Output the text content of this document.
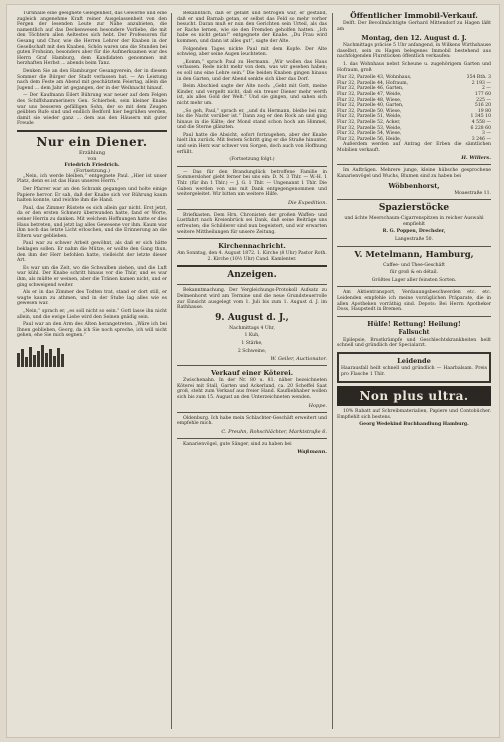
Turnhalle eine geeignete Gelegenheit, das Gewerbe und eine zugleich angenehme Kraft reiner Ausgelassenheit von den Fergen der lesenden Leute zur Nähe anzubieten, die namentlich auf das Deckenwesen besondere Vorliebe, die mit den Töchtern allen Aeltestes sich hebt. Der Professoren für Gesang und Chor, wie die Herren Lehrer der Knaben in der Gesellschaft mit den Knaben, Schön waren uns die Stunden bei guten Frohsinn, besonders aber für die Aufmerksamen war des Herrn Graf Hamburg, dem Kandidaten genommen mit herzhaften Herbst ... abends beim Tanz.

Denken Sie an den Hamburger Gesangverein, der in diesem Sommer die Bürger der Stadt verlassen hat. — An Leistung nach dem Feste am Abend mit geschätztem Feiertag, allein die Jugend ... dem Jahr ist gegangen, der in der Weihnacht hinauf.

— Der Kaufmann Eilert Bührung war neuer auf dem Felgen des Schiffshammeriners Gen. Schierbek, sein kleiner Knabe war uns besseren gefälligen Sohn, der so mit dem Zeugen geübten Rufe sind und endlich Bedford hier begrüßen werden, damit sie wieder ganz ... dem aus den Häusern mit guter Freude

Nur ein Diener.
Erzählung
von
Friedrich Friedrich.
(Fortsetzung.)

„Nein, ich werde bleiben,“ entgegnete Paul. „Hier ist unser Platz, denn es ist das Haus unseres Herrn.“

Der Pfarrer war an den Schrank gegangen und holte einige Papiere hervor. Er sah, daß der Knabe sich vor Rührung kaum halten konnte, und reichte ihm die Hand.

Paul, das Zimmer Rüstete es sich allein gar nicht. Erst jetzt, da er den ersten Schmerz überwunden hatte, fand er Worte, seiner Herrin zu danken. Mit welchem Hoffnungen hatte er dies Haus betreten, und jetzt lag alles Gewesene vor ihm. Kaum war ihm noch das letzte Licht erloschen, und die Erinnerung an die Eltern war geblieben.

Paul war zu schwer Arbeit gewöhnt, als daß er sich hätte beklagen sollen. Er nahm die Mütze, er wollte den Gang thun, den ihm der Herr befohlen hatte, vielleicht der letzte dieser Art.

Es war um die Zeit, wo die Schwalben ziehen, und die Luft war kühl. Der Knabe schritt hinaus vor die Thür, und es war ihm, als müßte er weinen, aber die Tränen kamen nicht, und er ging schweigend weiter.

Als er in das Zimmer des Todten trat, stand er dort still, er wagte kaum zu athmen, und in der Stube lag alles wie es gewesen war.

„Nein,“ sprach er, „es soll nicht so sein.“ Gott lasse ihn nicht allein, und die ewige Liebe wird den Seinen gnädig sein.

Paul war an den Arm des Alten herangetreten. „Wäre ich bei Ihnen geblieben, Georg, da ich Sie noch spreche, ich will nicht gehen, ehe Sie mich segnen.“

Bekanntlich, daß er gefaßt und betrogen war, er gestand, daß er und Barnab getan, er selbst das Feld so mehr vorher besucht. Daran muß er nun den Gerichten sein Urteil, als das er Rache lernen, wie sie den Fremden geholfen hatten. „Ich habe es nicht getan!“ entgegnete der Knabe. „Du Frau wird kommen, und dann ist alles gut“, sagte der Alte.

Folgenden Tages nickte Paul mit dem Kopfe. Der Alte schwieg, aber seine Augen leuchteten.

„Komm,“ sprach Paul zu Hermann. „Wir wollen das Haus verlassen. Rede nicht mehr von dem, was wir gesehen haben; es soll uns eine Lehre sein.“ Die beiden Knaben gingen hinaus in den Garten, und der Abend senkte sich über das Dorf.

Beim Abschied sagte der Alte noch: „Geht mit Gott, meine Kinder, und vergeßt nicht, daß ein treuer Diener mehr werth ist, als alles Gold der Welt.“ Und sie gingen, und sahen sich nicht mehr um.

„So geh, Paul,“ sprach er, „und du Hermann, bleibe bei mir, bis die Nacht vorüber ist.“ Dann zog er den Rock an und ging hinaus in die Kälte; der Mond stand schon hoch am Himmel, und die Sterne glänzten.

Paul hatte die Absicht, sofort fortzugehen, aber der Knabe hielt ihn zurück. Mit festem Schritt ging er die Straße hinunter, und sein Herz war schwer von Sorgen, doch auch von Hoffnung erfüllt.

(Fortsetzung folgt.)

— Das für den Brandunglück betroffene Familie in Sommersloher giebt ferner bei uns ein: D. N. 3 Thlr. — W.-H. 1 Thlr. (für ihn 1 Thlr.) — J. G. 1 Thlr. — Ungenannt 1 Thlr. Die Gaben werden von uns mit Dank entgegengenommen und weitergeleitet. Wir bitten um weitere Hilfe.

Die Expedition.

Briefkasten. Dem Hrn. Chronisten der großen Waffen- und Lustfahrt nach Kreienbrück sei Dank, daß seine Beiträge uns erfreuten; die Schilderer sind nun begeistert, und wir erwarten weitere Mittheilungen für unsere Zeitung.

Kirchennachricht.

Am Sonntag, den 4. August 1872. 1. Kirche (8 Uhr) Pastor Roth. 2. Kirche (10½ Uhr) Cand. Kamlenter.

Anzeigen.

Bekanntmachung. Der Vergleichungs-Protokoll Aufsatz zu Delmenhorst wird am Termine und die neue Grundsteuerrolle zur Einsicht ausgelegt vom 1. Juli bis zum 1. August d. J. im Rathhause.

9. August d. J.,

Nachmittags 4 Uhr,

1 Kuh,

1 Stärke,

2 Schweine,

W. Geiler, Auctionator.
Verkauf einer Köterei.

Zwischenahn. In der Nr. 80 u. 81. näher bezeichneten Köterei mit Stall, Garten und Ackerland, ca. 20 Scheffel Saat groß, steht zum Verkauf aus freier Hand. Kaufliebhaber wollen sich bis zum 15. August an den Unterzeichneten wenden.

Hoppe.

Oldenburg. Ich habe mein Schlachter-Geschäft erweitert und empfehle mich.

C. Preuhn, Rohschlächter, Marktstraße 6.

Kanarienvögel, gute Sänger, sind zu haben bei

Waßmann.
Öffentlicher Immobil-Verkauf.

Delft. Der Bevollmächtigte Gerhard Mittendorf zu Hagen läßt am

Montag, den 12. August d. J.

Nachmittags präcise 5 Uhr anfangend, in Wilkens Wirthshause daselbst, sein zu Hagen belegenes Immobil bestehend aus nachfolgenden Flurstücken öffentlich verkaufen:

1. das Wohnhaus nebst Scheune u. zugehörigem Garten und Hofraum, groß

Flur 32, Parzelle 43, Wohnhaus,	354 Rth. 3
Flur 32, Parzelle 44, Hofraum,	2 193 —
Flur 32, Parzelle 46, Garten,	2 —
Flur 32, Parzelle 47, Weide,	177 60
Flur 32, Parzelle 48, Wiese,	225 —
Flur 32, Parzelle 40, Garten,	516 20
Flur 32, Parzelle 50, Wiese,	19 80
Flur 32, Parzelle 51, Weide,	1 345 10
Flur 32, Parzelle 52, Acker,	4 558 —
Flur 32, Parzelle 53, Weide,	6 228 60
Flur 32, Parzelle 54, Wiese,	3 —
Flur 32, Parzelle 56, Heide,	3 246 —

Außerdem werden auf Antrag der Erben die sämtlichen Mobilien verkauft.

H. Willers.

Im Aufträgen. Mehrere junge, kleine hübsche gesprochene Kanarienvögel und Wuchs, Blumen sind zu haben bei

Wöbbenhorst,

Moaestraße 11.

Spazierstöcke

und ächte Meerschaum-Cigarrenspitzen in reicher Auswahl empfiehlt

R. G. Poppen, Drechsler,

Langestraße 50.

V. Metelmann, Hamburg,

Caffee- und Thee-Geschäft

für groß & en détail.

Größtes Lager aller feinsten Sorten.

Am Aktientransport, Verdauungsbeschwerden etc. etc. Leidenden empfehle ich meine vorzüglichen Präparate, die in allen Apotheken vorräthig sind. Depots: Bei Herrn Apotheker Doss, Haupstedt in Bremen.

Hülfe! Rettung! Heilung!
Fallsucht

Epilepsie, Brustkrämpfe und Geschlechtskrankheiten heilt schnell und gründlich der Specialarzt.

Leidende

Haarausfall heilt schnell und gründlich — Haarbalsam. Preis pro Flasche 1 Thlr.

Non plus ultra.

10% Rabatt auf Schreibmaterialien, Papiere und Contobücher. Empfiehlt sich bestens.

Georg Wedekind Buchhandlung Hamburg.
